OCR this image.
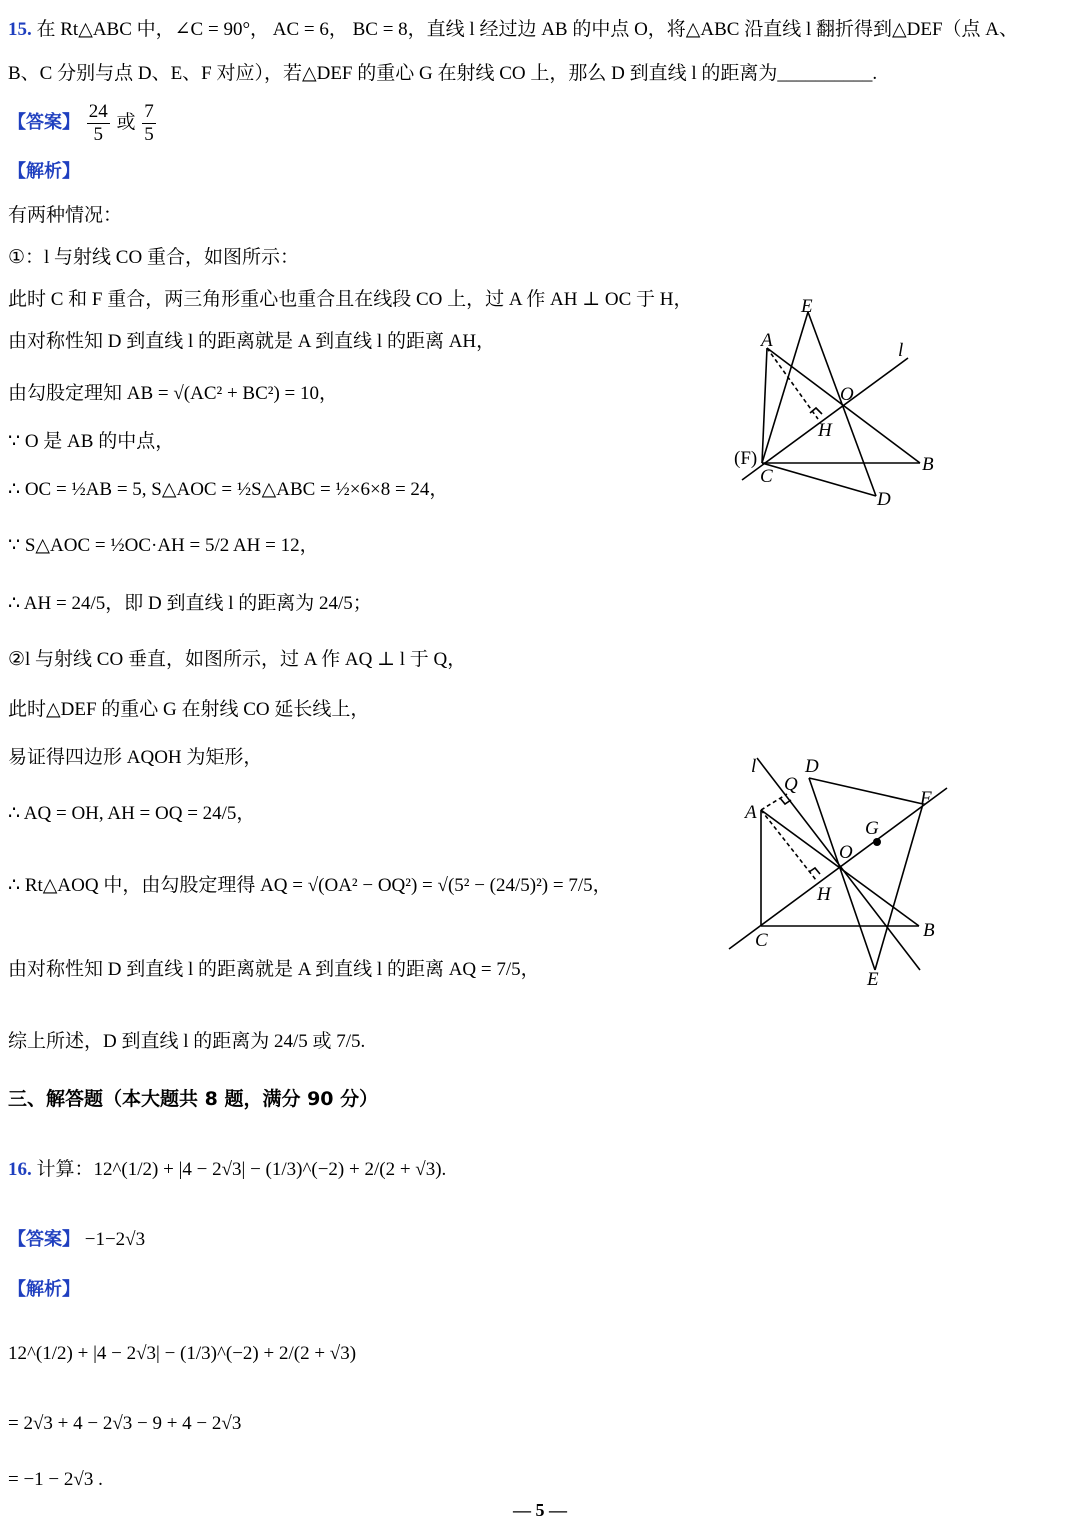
15. 在 Rt△ABC 中，∠C = 90°， AC = 6， BC = 8，直线 l 经过边 AB 的中点 O，将△ABC 沿直线 l 翻折得到△DEF（点 A、
B、C 分别与点 D、E、F 对应），若△DEF 的重心 G 在射线 CO 上，那么 D 到直线 l 的距离为__________.
【答案】 $\frac{24}{5}$ 或 $\frac{7}{5}$
【解析】
有两种情况：
①：l 与射线 CO 重合，如图所示：
此时 C 和 F 重合，两三角形重心也重合且在线段 CO 上，过 A 作 AH ⊥ OC 于 H，
由对称性知 D 到直线 l 的距离就是 A 到直线 l 的距离 AH，
由勾股定理知 AB = √(AC² + BC²) = 10，
∵ O 是 AB 的中点，
∴ OC = ½AB = 5, S△AOC = ½S△ABC = ½×6×8 = 24，
∵ S△AOC = ½OC·AH = 5/2 AH = 12，
∴ AH = 24/5，即 D 到直线 l 的距离为 24/5；
②l 与射线 CO 垂直，如图所示，过 A 作 AQ ⊥ l 于 Q，
此时△DEF 的重心 G 在射线 CO 延长线上，
易证得四边形 AQOH 为矩形，
∴ AQ = OH, AH = OQ = 24/5，
∴ Rt△AOQ 中，由勾股定理得 AQ = √(OA² − OQ²) = √(5² − (24/5)²) = 7/5，
由对称性知 D 到直线 l 的距离就是 A 到直线 l 的距离 AQ = 7/5，
综上所述，D 到直线 l 的距离为 24/5 或 7/5.
E
A	l
O
H
(F)
C
B
D
l	D
Q
A
F
G
O
H
C	B
E
三、解答题（本大题共 8 题，满分 90 分）
16. 计算：12^(1/2) + |4 − 2√3| − (1/3)^(−2) + 2/(2 + √3).
【答案】 −1−2√3
【解析】
12^(1/2) + |4 − 2√3| − (1/3)^(−2) + 2/(2 + √3)
= 2√3 + 4 − 2√3 − 9 + 4 − 2√3
= −1 − 2√3 .
— 5 —
